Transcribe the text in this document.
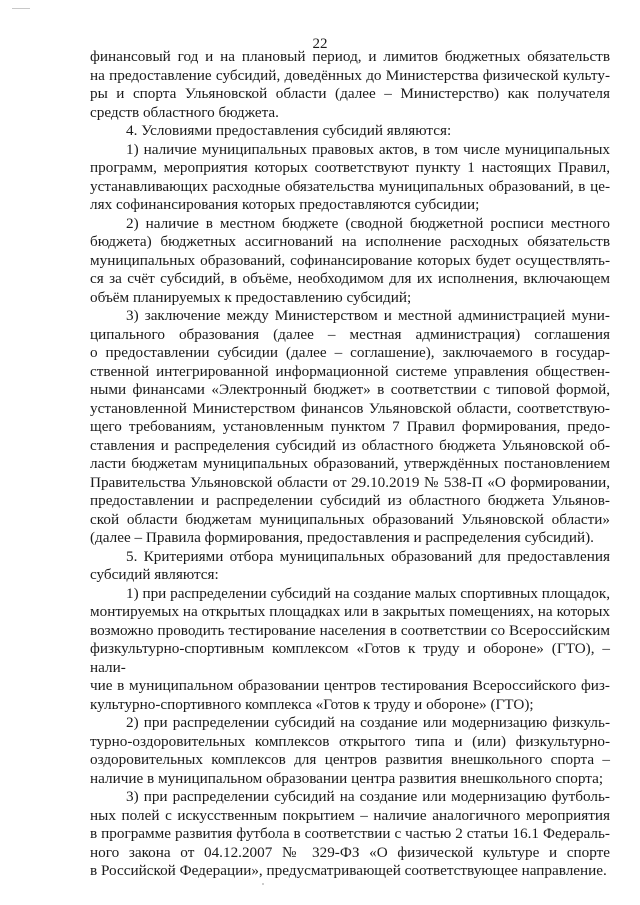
22

финансовый год и на плановый период, и лимитов бюджетных обязательств
на предоставление субсидий, доведённых до Министерства физической культу-
ры и спорта Ульяновской области (далее – Министерство) как получателя
средств областного бюджета.

4. Условиями предоставления субсидий являются:

1) наличие муниципальных правовых актов, в том числе муниципальных
программ, мероприятия которых соответствуют пункту 1 настоящих Правил,
устанавливающих расходные обязательства муниципальных образований, в це-
лях софинансирования которых предоставляются субсидии;

2) наличие в местном бюджете (сводной бюджетной росписи местного
бюджета) бюджетных ассигнований на исполнение расходных обязательств
муниципальных образований, софинансирование которых будет осуществлять-
ся за счёт субсидий, в объёме, необходимом для их исполнения, включающем
объём планируемых к предоставлению субсидий;

3) заключение между Министерством и местной администрацией муни-
ципального образования (далее – местная администрация) соглашения
о предоставлении субсидии (далее – соглашение), заключаемого в государ-
ственной интегрированной информационной системе управления обществен-
ными финансами «Электронный бюджет» в соответствии с типовой формой,
установленной Министерством финансов Ульяновской области, соответствую-
щего требованиям, установленным пунктом 7 Правил формирования, предо-
ставления и распределения субсидий из областного бюджета Ульяновской об-
ласти бюджетам муниципальных образований, утверждённых постановлением
Правительства Ульяновской области от 29.10.2019 № 538-П «О формировании,
предоставлении и распределении субсидий из областного бюджета Ульянов-
ской области бюджетам муниципальных образований Ульяновской области»
(далее – Правила формирования, предоставления и распределения субсидий).

5. Критериями отбора муниципальных образований для предоставления
субсидий являются:

1) при распределении субсидий на создание малых спортивных площадок,
монтируемых на открытых площадках или в закрытых помещениях, на которых
возможно проводить тестирование населения в соответствии со Всероссийским
физкультурно-спортивным комплексом «Готов к труду и обороне» (ГТО), – нали-
чие в муниципальном образовании центров тестирования Всероссийского физ-
культурно-спортивного комплекса «Готов к труду и обороне» (ГТО);

2) при распределении субсидий на создание или модернизацию физкуль-
турно-оздоровительных комплексов открытого типа и (или) физкультурно-
оздоровительных комплексов для центров развития внешкольного спорта –
наличие в муниципальном образовании центра развития внешкольного спорта;

3) при распределении субсидий на создание или модернизацию футболь-
ных полей с искусственным покрытием – наличие аналогичного мероприятия
в программе развития футбола в соответствии с частью 2 статьи 16.1 Федераль-
ного закона от 04.12.2007 № 329-ФЗ «О физической культуре и спорте
в Российской Федерации», предусматривающей соответствующее направление.
